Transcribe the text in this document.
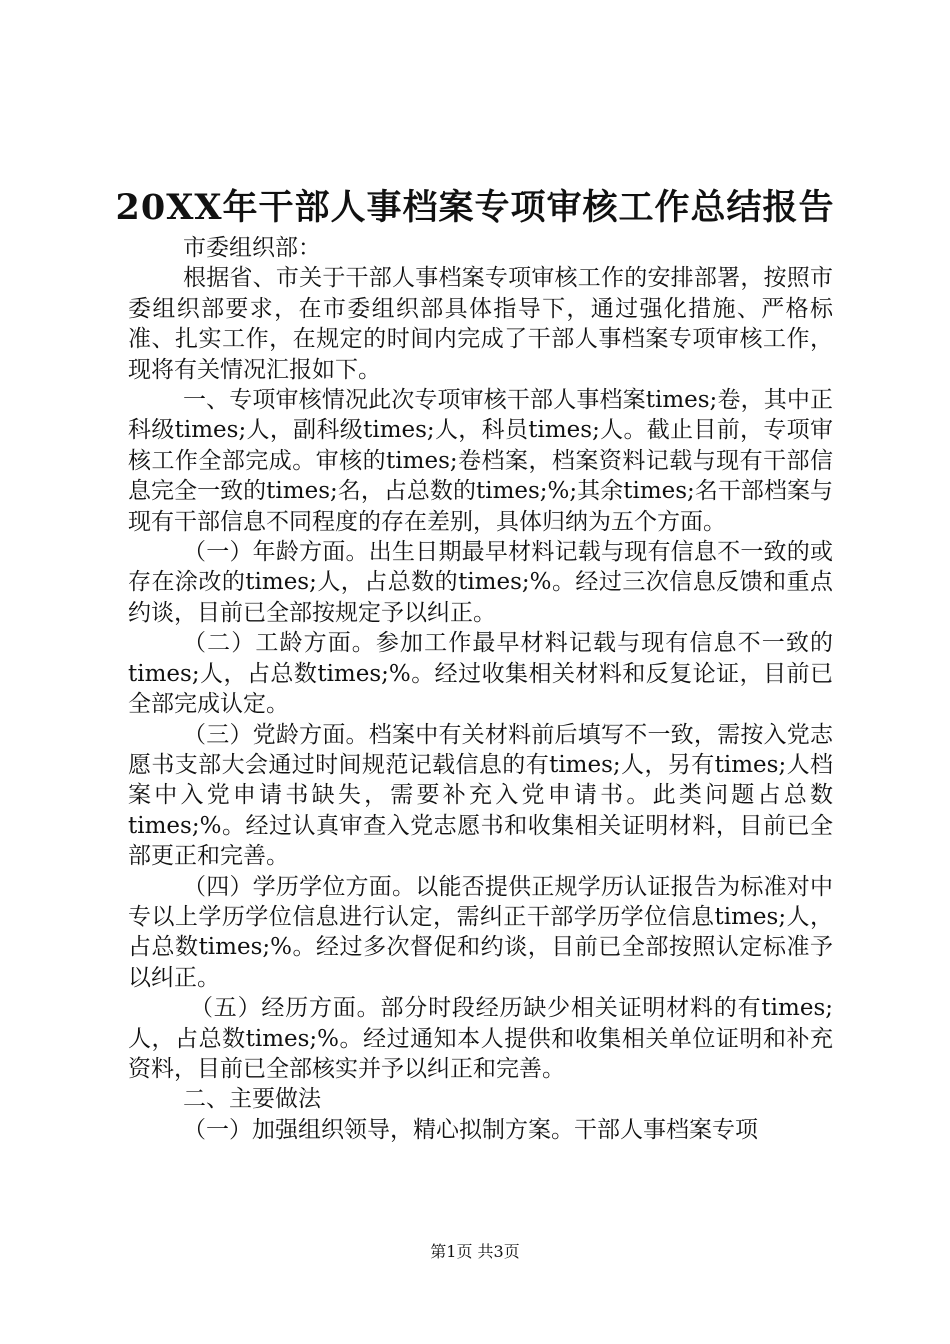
20XX年干部人事档案专项审核工作总结报告

市委组织部：

根据省、市关于干部人事档案专项审核工作的安排部署，按照市委组织部要求，在市委组织部具体指导下，通过强化措施、严格标准、扎实工作，在规定的时间内完成了干部人事档案专项审核工作，现将有关情况汇报如下。

一、专项审核情况此次专项审核干部人事档案times;卷，其中正科级times;人，副科级times;人，科员times;人。截止目前，专项审核工作全部完成。审核的times;卷档案，档案资料记载与现有干部信息完全一致的times;名，占总数的times;%;其余times;名干部档案与现有干部信息不同程度的存在差别，具体归纳为五个方面。

（一）年龄方面。出生日期最早材料记载与现有信息不一致的或存在涂改的times;人，占总数的times;%。经过三次信息反馈和重点约谈，目前已全部按规定予以纠正。

（二）工龄方面。参加工作最早材料记载与现有信息不一致的times;人，占总数times;%。经过收集相关材料和反复论证，目前已全部完成认定。

（三）党龄方面。档案中有关材料前后填写不一致，需按入党志愿书支部大会通过时间规范记载信息的有times;人，另有times;人档案中入党申请书缺失，需要补充入党申请书。此类问题占总数times;%。经过认真审查入党志愿书和收集相关证明材料，目前已全部更正和完善。

（四）学历学位方面。以能否提供正规学历认证报告为标准对中专以上学历学位信息进行认定，需纠正干部学历学位信息times;人，占总数times;%。经过多次督促和约谈，目前已全部按照认定标准予以纠正。

（五）经历方面。部分时段经历缺少相关证明材料的有times;人，占总数times;%。经过通知本人提供和收集相关单位证明和补充资料，目前已全部核实并予以纠正和完善。

二、主要做法

（一）加强组织领导，精心拟制方案。干部人事档案专项

第1页 共3页
